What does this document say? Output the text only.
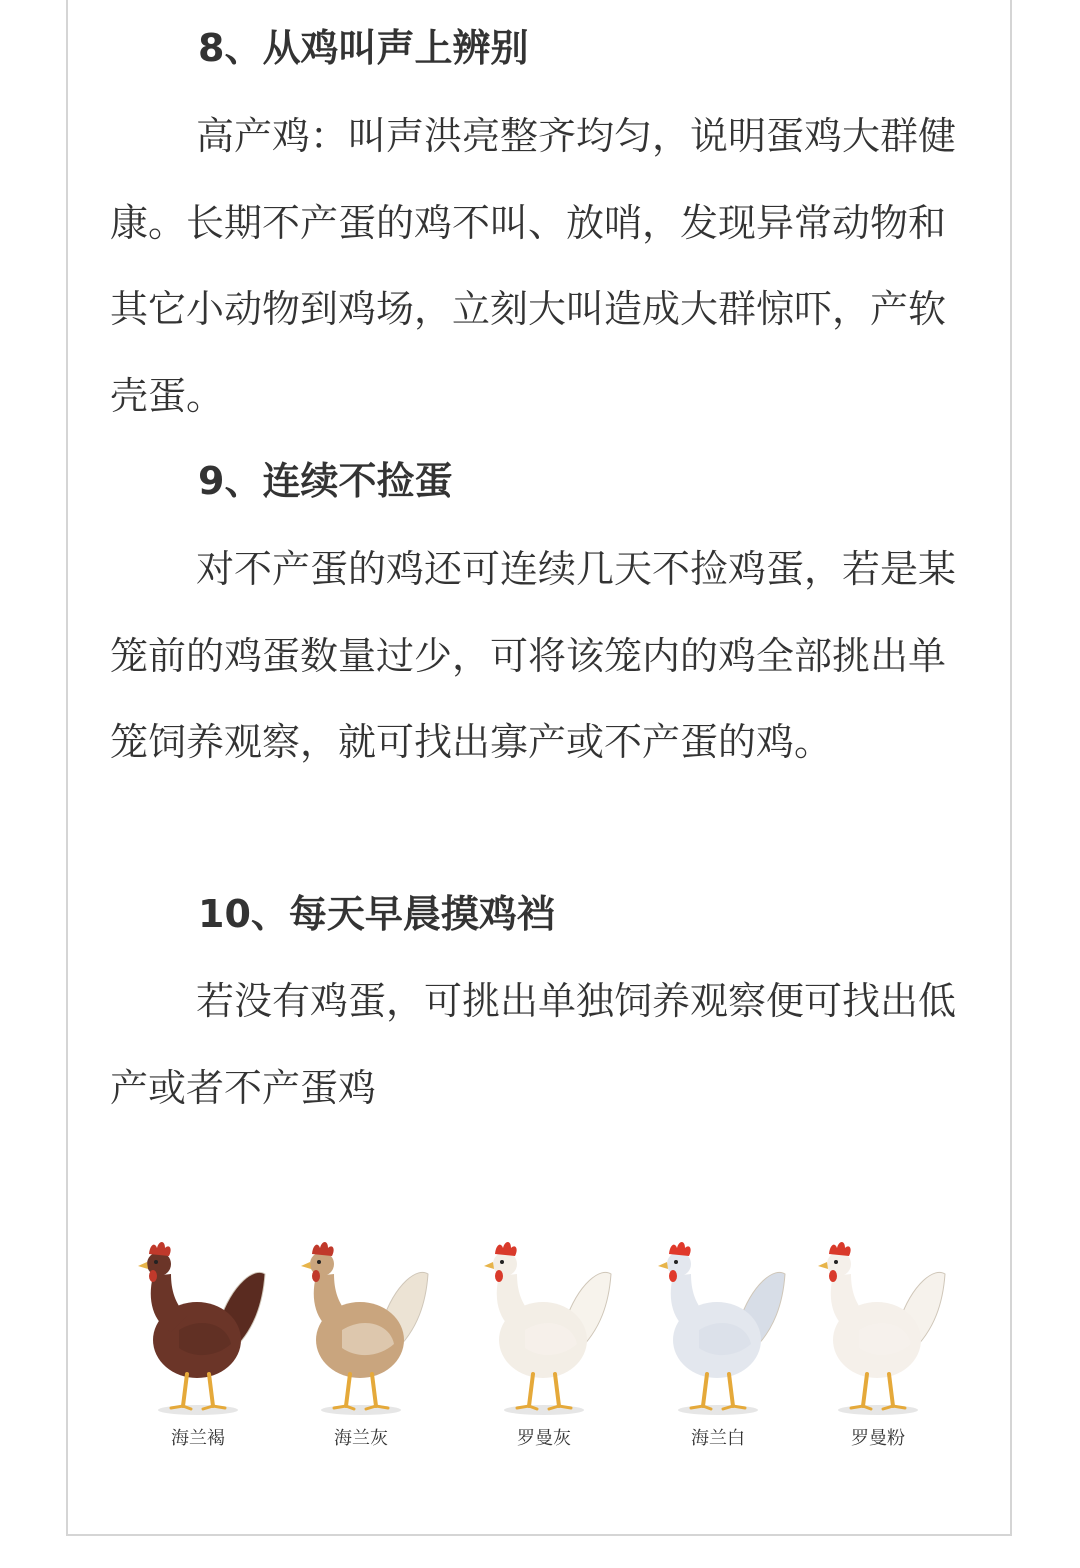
8、从鸡叫声上辨别

高产鸡：叫声洪亮整齐均匀，说明蛋鸡大群健康。长期不产蛋的鸡不叫、放哨，发现异常动物和其它小动物到鸡场，立刻大叫造成大群惊吓，产软壳蛋。

9、连续不捡蛋

对不产蛋的鸡还可连续几天不捡鸡蛋，若是某笼前的鸡蛋数量过少，可将该笼内的鸡全部挑出单笼饲养观察，就可找出寡产或不产蛋的鸡。

10、每天早晨摸鸡裆

若没有鸡蛋，可挑出单独饲养观察便可找出低产或者不产蛋鸡

海兰褐	海兰灰	罗曼灰	海兰白	罗曼粉
